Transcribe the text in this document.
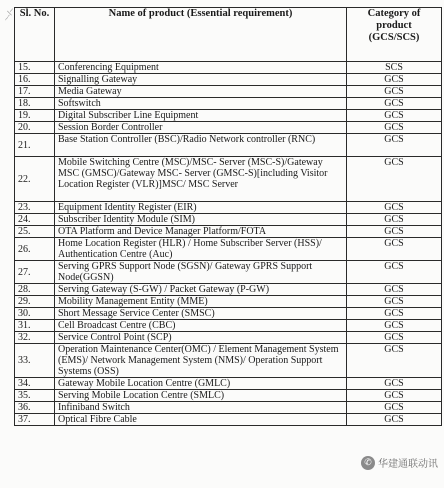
~-/~ Sl. No.	Name of product (Essential requirement)	Category of product (GCS/SCS)
15.	Conferencing Equipment	SCS
16.	Signalling Gateway	GCS
17.	Media Gateway	GCS
18.	Softswitch	GCS
19.	Digital Subscriber Line Equipment	GCS
20.	Session Border Controller	GCS
21.	Base Station Controller (BSC)/Radio Network controller (RNC)	GCS
22.	Mobile Switching Centre (MSC)/MSC- Server (MSC-S)/Gateway MSC (GMSC)/Gateway MSC- Server (GMSC-S)[including Visitor Location Register (VLR)]MSC/ MSC Server	GCS
23.	Equipment Identity Register (EIR)	GCS
24.	Subscriber Identity Module (SIM)	GCS
25.	OTA Platform and Device Manager Platform/FOTA	GCS
26.	Home Location Register (HLR) / Home Subscriber Server (HSS)/ Authentication Centre (Auc)	GCS
27.	Serving GPRS Support Node (SGSN)/ Gateway GPRS Support Node(GGSN)	GCS
28.	Serving Gateway (S-GW) / Packet Gateway (P-GW)	GCS
29.	Mobility Management Entity (MME)	GCS
30.	Short Message Service Center (SMSC)	GCS
31.	Cell Broadcast Centre (CBC)	GCS
32.	Service Control Point (SCP)	GCS
33.	Operation Maintenance Center(OMC) / Element Management System (EMS)/ Network Management System (NMS)/ Operation Support Systems (OSS)	GCS
34.	Gateway Mobile Location Centre (GMLC)	GCS
35.	Serving Mobile Location Centre (SMLC)	GCS
36.	Infiniband Switch	GCS
37.	Optical Fibre Cable	GCS
✆ 华建通联动讯
